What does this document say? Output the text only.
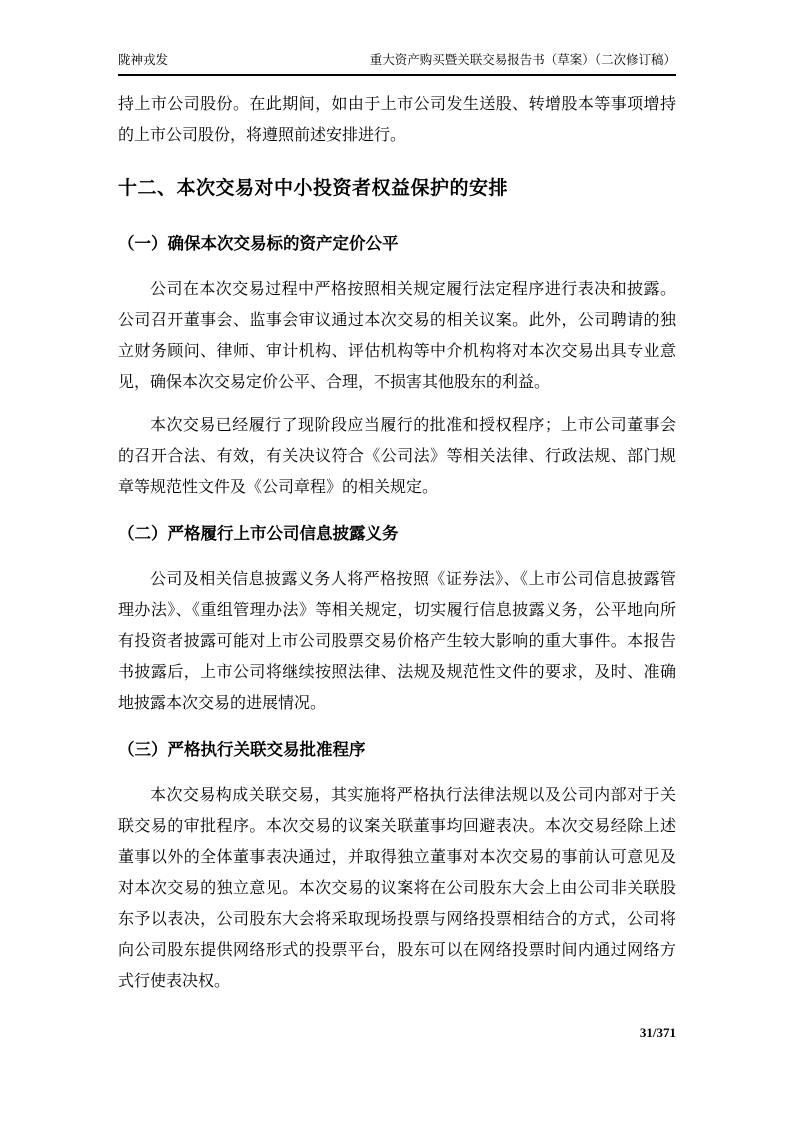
陇神戎发	重大资产购买暨关联交易报告书（草案）（二次修订稿）

持上市公司股份。在此期间，如由于上市公司发生送股、转增股本等事项增持的上市公司股份，将遵照前述安排进行。

十二、本次交易对中小投资者权益保护的安排
（一）确保本次交易标的资产定价公平

公司在本次交易过程中严格按照相关规定履行法定程序进行表决和披露。公司召开董事会、监事会审议通过本次交易的相关议案。此外，公司聘请的独立财务顾问、律师、审计机构、评估机构等中介机构将对本次交易出具专业意见，确保本次交易定价公平、合理，不损害其他股东的利益。

本次交易已经履行了现阶段应当履行的批准和授权程序；上市公司董事会的召开合法、有效，有关决议符合《公司法》等相关法律、行政法规、部门规章等规范性文件及《公司章程》的相关规定。

（二）严格履行上市公司信息披露义务

公司及相关信息披露义务人将严格按照《证券法》、《上市公司信息披露管理办法》、《重组管理办法》等相关规定，切实履行信息披露义务，公平地向所有投资者披露可能对上市公司股票交易价格产生较大影响的重大事件。本报告书披露后，上市公司将继续按照法律、法规及规范性文件的要求，及时、准确地披露本次交易的进展情况。

（三）严格执行关联交易批准程序

本次交易构成关联交易，其实施将严格执行法律法规以及公司内部对于关联交易的审批程序。本次交易的议案关联董事均回避表决。本次交易经除上述董事以外的全体董事表决通过，并取得独立董事对本次交易的事前认可意见及对本次交易的独立意见。本次交易的议案将在公司股东大会上由公司非关联股东予以表决，公司股东大会将采取现场投票与网络投票相结合的方式，公司将向公司股东提供网络形式的投票平台，股东可以在网络投票时间内通过网络方式行使表决权。

31/371
